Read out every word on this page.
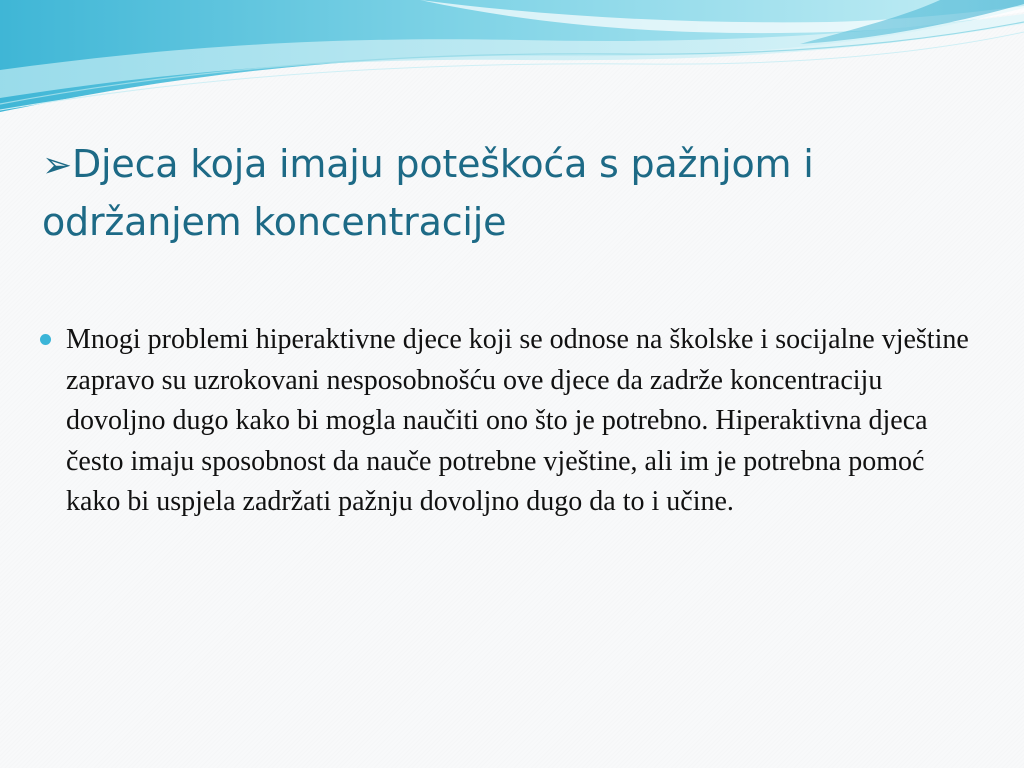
➢Djeca koja imaju poteškoća s pažnjom i održanjem koncentracije
Mnogi problemi hiperaktivne djece koji se odnose na školske i socijalne vještine zapravo su uzrokovani nesposobnošću ove djece da zadrže koncentraciju dovoljno dugo kako bi mogla naučiti ono što je potrebno. Hiperaktivna djeca često imaju sposobnost da nauče potrebne vještine, ali im je potrebna pomoć kako bi uspjela zadržati pažnju dovoljno dugo da to i učine.
